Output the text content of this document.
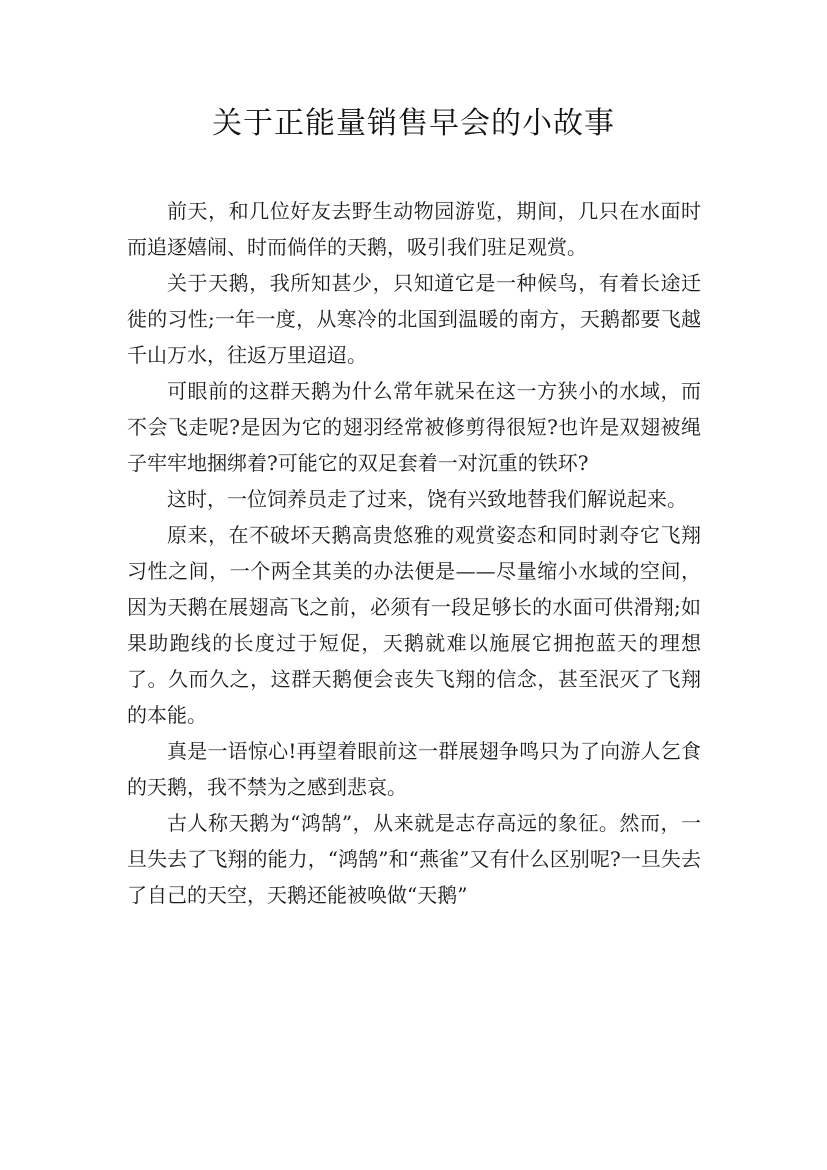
关于正能量销售早会的小故事

前天，和几位好友去野生动物园游览，期间，几只在水面时而追逐嬉闹、时而倘佯的天鹅，吸引我们驻足观赏。

关于天鹅，我所知甚少，只知道它是一种候鸟，有着长途迁徙的习性;一年一度，从寒冷的北国到温暖的南方，天鹅都要飞越千山万水，往返万里迢迢。

可眼前的这群天鹅为什么常年就呆在这一方狭小的水域，而不会飞走呢?是因为它的翅羽经常被修剪得很短?也许是双翅被绳子牢牢地捆绑着?可能它的双足套着一对沉重的铁环?

这时，一位饲养员走了过来，饶有兴致地替我们解说起来。

原来，在不破坏天鹅高贵悠雅的观赏姿态和同时剥夺它飞翔习性之间，一个两全其美的办法便是——尽量缩小水域的空间，因为天鹅在展翅高飞之前，必须有一段足够长的水面可供滑翔;如果助跑线的长度过于短促，天鹅就难以施展它拥抱蓝天的理想了。久而久之，这群天鹅便会丧失飞翔的信念，甚至泯灭了飞翔的本能。

真是一语惊心!再望着眼前这一群展翅争鸣只为了向游人乞食的天鹅，我不禁为之感到悲哀。

古人称天鹅为“鸿鹄”，从来就是志存高远的象征。然而，一旦失去了飞翔的能力，“鸿鹄”和“燕雀”又有什么区别呢?一旦失去了自己的天空，天鹅还能被唤做“天鹅”
